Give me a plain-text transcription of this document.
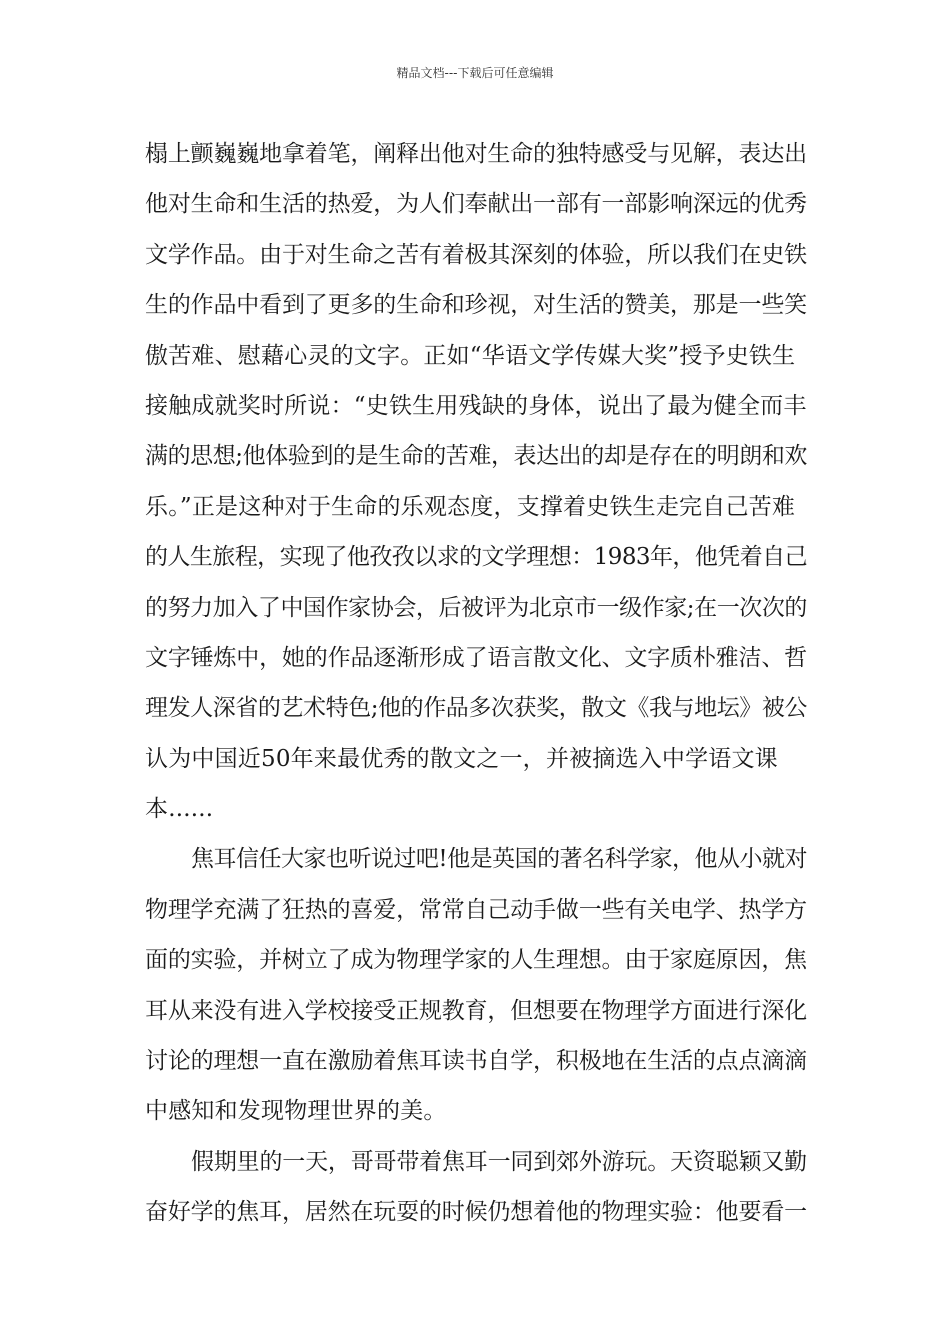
精品文档---下载后可任意编辑
榻上颤巍巍地拿着笔，阐释出他对生命的独特感受与见解，表达出
他对生命和生活的热爱，为人们奉献出一部有一部影响深远的优秀
文学作品。由于对生命之苦有着极其深刻的体验，所以我们在史铁
生的作品中看到了更多的生命和珍视，对生活的赞美，那是一些笑
傲苦难、慰藉心灵的文字。正如“华语文学传媒大奖”授予史铁生
接触成就奖时所说：“史铁生用残缺的身体，说出了最为健全而丰
满的思想;他体验到的是生命的苦难，表达出的却是存在的明朗和欢
乐。”正是这种对于生命的乐观态度，支撑着史铁生走完自己苦难
的人生旅程，实现了他孜孜以求的文学理想：1983年，他凭着自己
的努力加入了中国作家协会，后被评为北京市一级作家;在一次次的
文字锤炼中，她的作品逐渐形成了语言散文化、文字质朴雅洁、哲
理发人深省的艺术特色;他的作品多次获奖，散文《我与地坛》被公
认为中国近50年来最优秀的散文之一，并被摘选入中学语文课
本......
焦耳信任大家也听说过吧!他是英国的著名科学家，他从小就对
物理学充满了狂热的喜爱，常常自己动手做一些有关电学、热学方
面的实验，并树立了成为物理学家的人生理想。由于家庭原因，焦
耳从来没有进入学校接受正规教育，但想要在物理学方面进行深化
讨论的理想一直在激励着焦耳读书自学，积极地在生活的点点滴滴
中感知和发现物理世界的美。
假期里的一天，哥哥带着焦耳一同到郊外游玩。天资聪颖又勤
奋好学的焦耳，居然在玩耍的时候仍想着他的物理实验：他要看一
